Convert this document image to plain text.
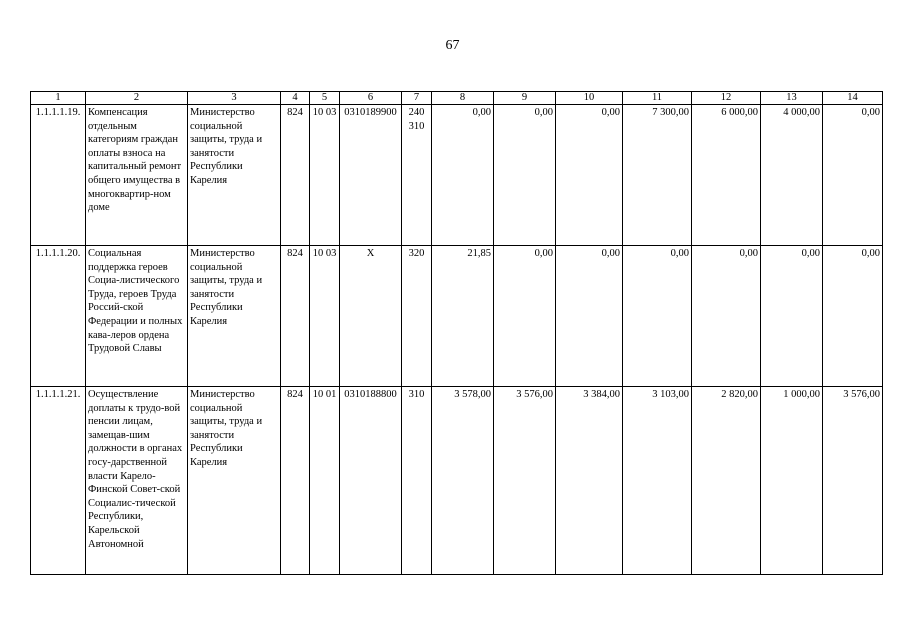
67
1	2	3	4	5	6	7	8	9	10	11	12	13	14
1.1.1.1.19.	Компенсация отдельным категориям граждан оплаты взноса на капитальный ремонт общего имущества в многоквартир-ном доме	Министерство социальной защиты, труда и занятости Республики Карелия	824	10 03	0310189900	240
310	0,00	0,00	0,00	7 300,00	6 000,00	4 000,00	0,00
1.1.1.1.20.	Социальная поддержка героев Социа-листического Труда, героев Труда Россий-ской Федерации и полных кава-леров ордена Трудовой Славы	Министерство социальной защиты, труда и занятости Республики Карелия	824	10 03	Х	320	21,85	0,00	0,00	0,00	0,00	0,00	0,00
1.1.1.1.21.	Осуществление доплаты к трудо-вой пенсии лицам, замещав-шим должности в органах госу-дарственной власти Карело-Финской Совет-ской Социалис-тической Республики, Карельской Автономной	Министерство социальной защиты, труда и занятости Республики Карелия	824	10 01	0310188800	310	3 578,00	3 576,00	3 384,00	3 103,00	2 820,00	1 000,00	3 576,00
